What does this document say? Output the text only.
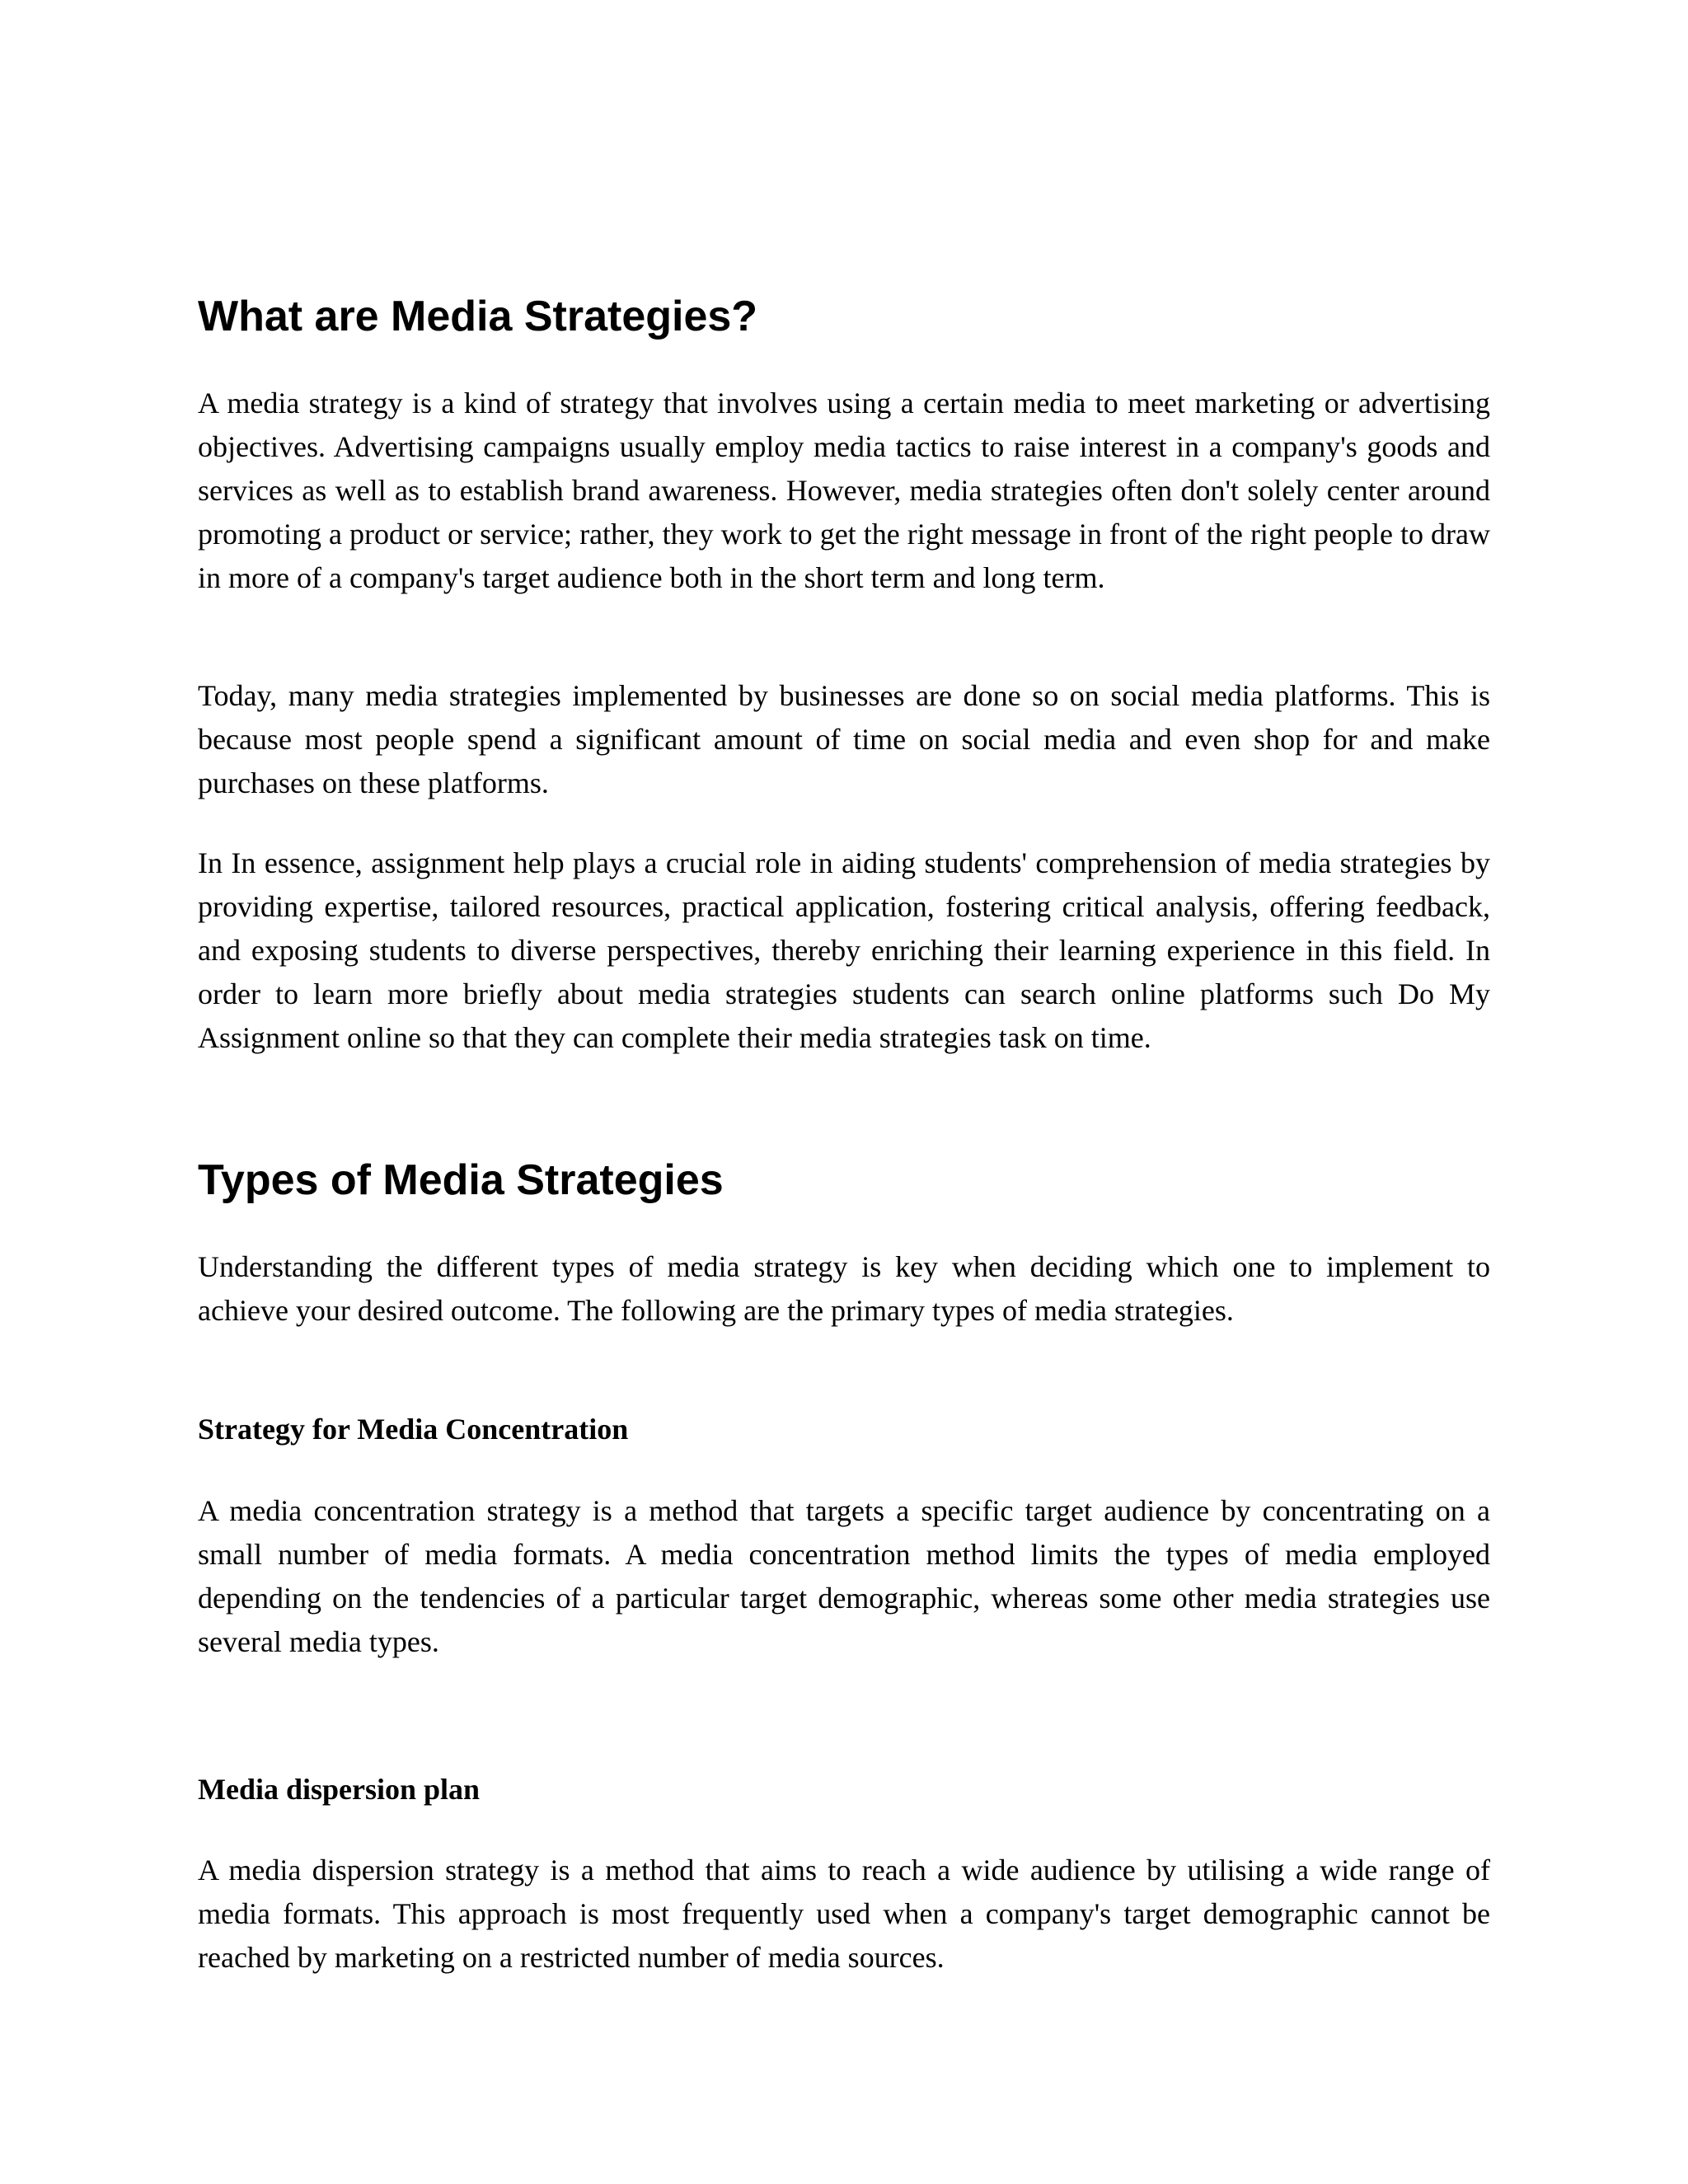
What are Media Strategies?

A media strategy is a kind of strategy that involves using a certain media to meet marketing or advertising objectives. Advertising campaigns usually employ media tactics to raise interest in a company's goods and services as well as to establish brand awareness. However, media strategies often don't solely center around promoting a product or service; rather, they work to get the right message in front of the right people to draw in more of a company's target audience both in the short term and long term.

Today, many media strategies implemented by businesses are done so on social media platforms. This is because most people spend a significant amount of time on social media and even shop for and make purchases on these platforms.

In In essence, assignment help plays a crucial role in aiding students' comprehension of media strategies by providing expertise, tailored resources, practical application, fostering critical analysis, offering feedback, and exposing students to diverse perspectives, thereby enriching their learning experience in this field. In order to learn more briefly about media strategies students can search online platforms such Do My Assignment online so that they can complete their media strategies task on time.

Types of Media Strategies

Understanding the different types of media strategy is key when deciding which one to implement to achieve your desired outcome. The following are the primary types of media strategies.

Strategy for Media Concentration

A media concentration strategy is a method that targets a specific target audience by concentrating on a small number of media formats. A media concentration method limits the types of media employed depending on the tendencies of a particular target demographic, whereas some other media strategies use several media types.

Media dispersion plan

A media dispersion strategy is a method that aims to reach a wide audience by utilising a wide range of media formats. This approach is most frequently used when a company's target demographic cannot be reached by marketing on a restricted number of media sources.
